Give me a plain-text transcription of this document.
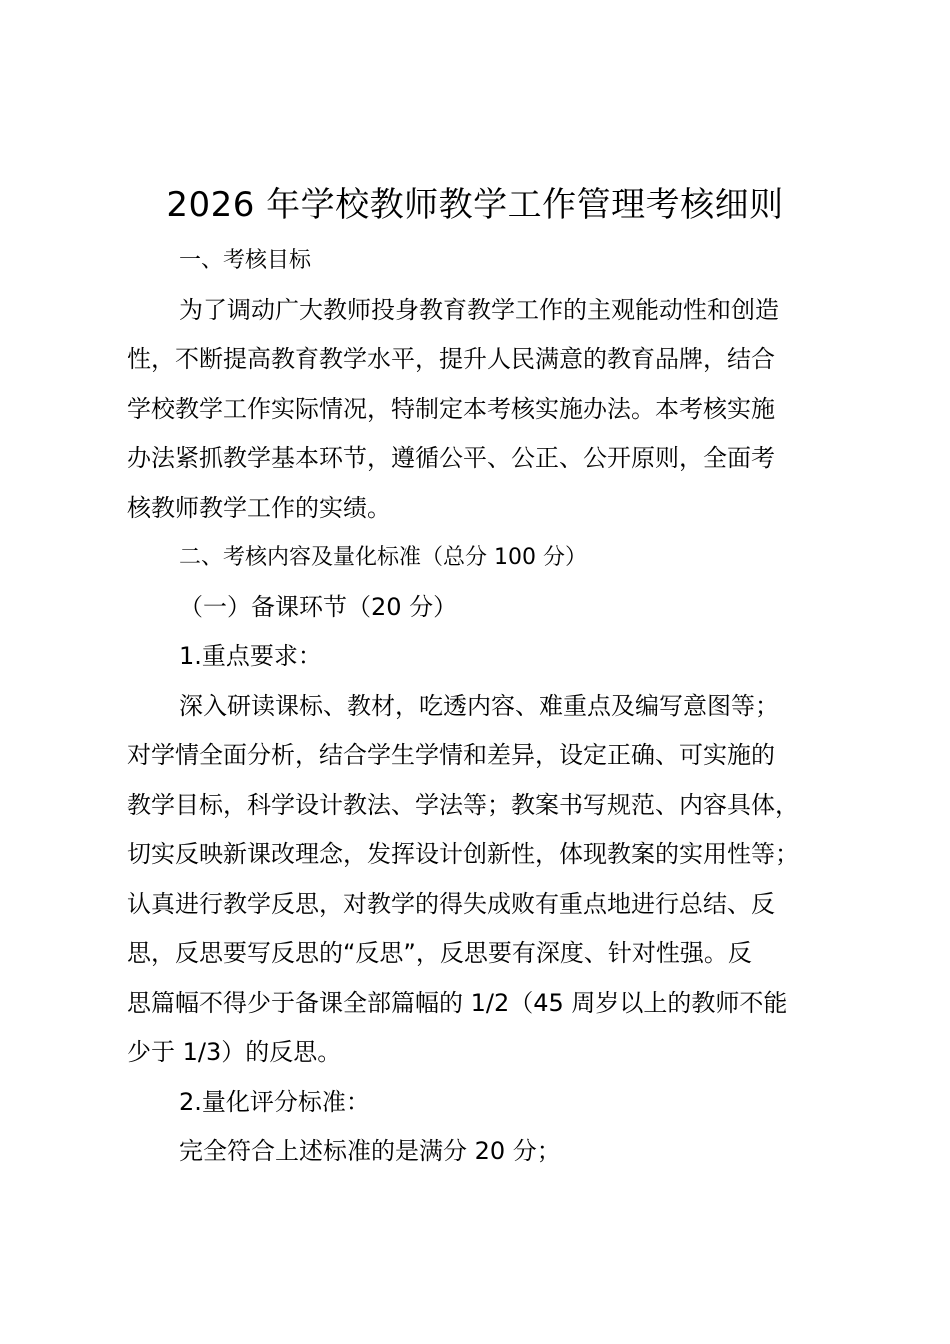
2026 年学校教师教学工作管理考核细则

一、考核目标

为了调动广大教师投身教育教学工作的主观能动性和创造
性，不断提高教育教学水平，提升人民满意的教育品牌，结合
学校教学工作实际情况，特制定本考核实施办法。本考核实施
办法紧抓教学基本环节，遵循公平、公正、公开原则，全面考
核教师教学工作的实绩。

二、考核内容及量化标准（总分 100 分）

（一）备课环节（20 分）

1.重点要求：

深入研读课标、教材，吃透内容、难重点及编写意图等；
对学情全面分析，结合学生学情和差异，设定正确、可实施的
教学目标，科学设计教法、学法等；教案书写规范、内容具体，
切实反映新课改理念，发挥设计创新性，体现教案的实用性等；
认真进行教学反思，对教学的得失成败有重点地进行总结、反
思，反思要写反思的“反思”，反思要有深度、针对性强。反
思篇幅不得少于备课全部篇幅的 1/2（45 周岁以上的教师不能
少于 1/3）的反思。

2.量化评分标准：

完全符合上述标准的是满分 20 分；
